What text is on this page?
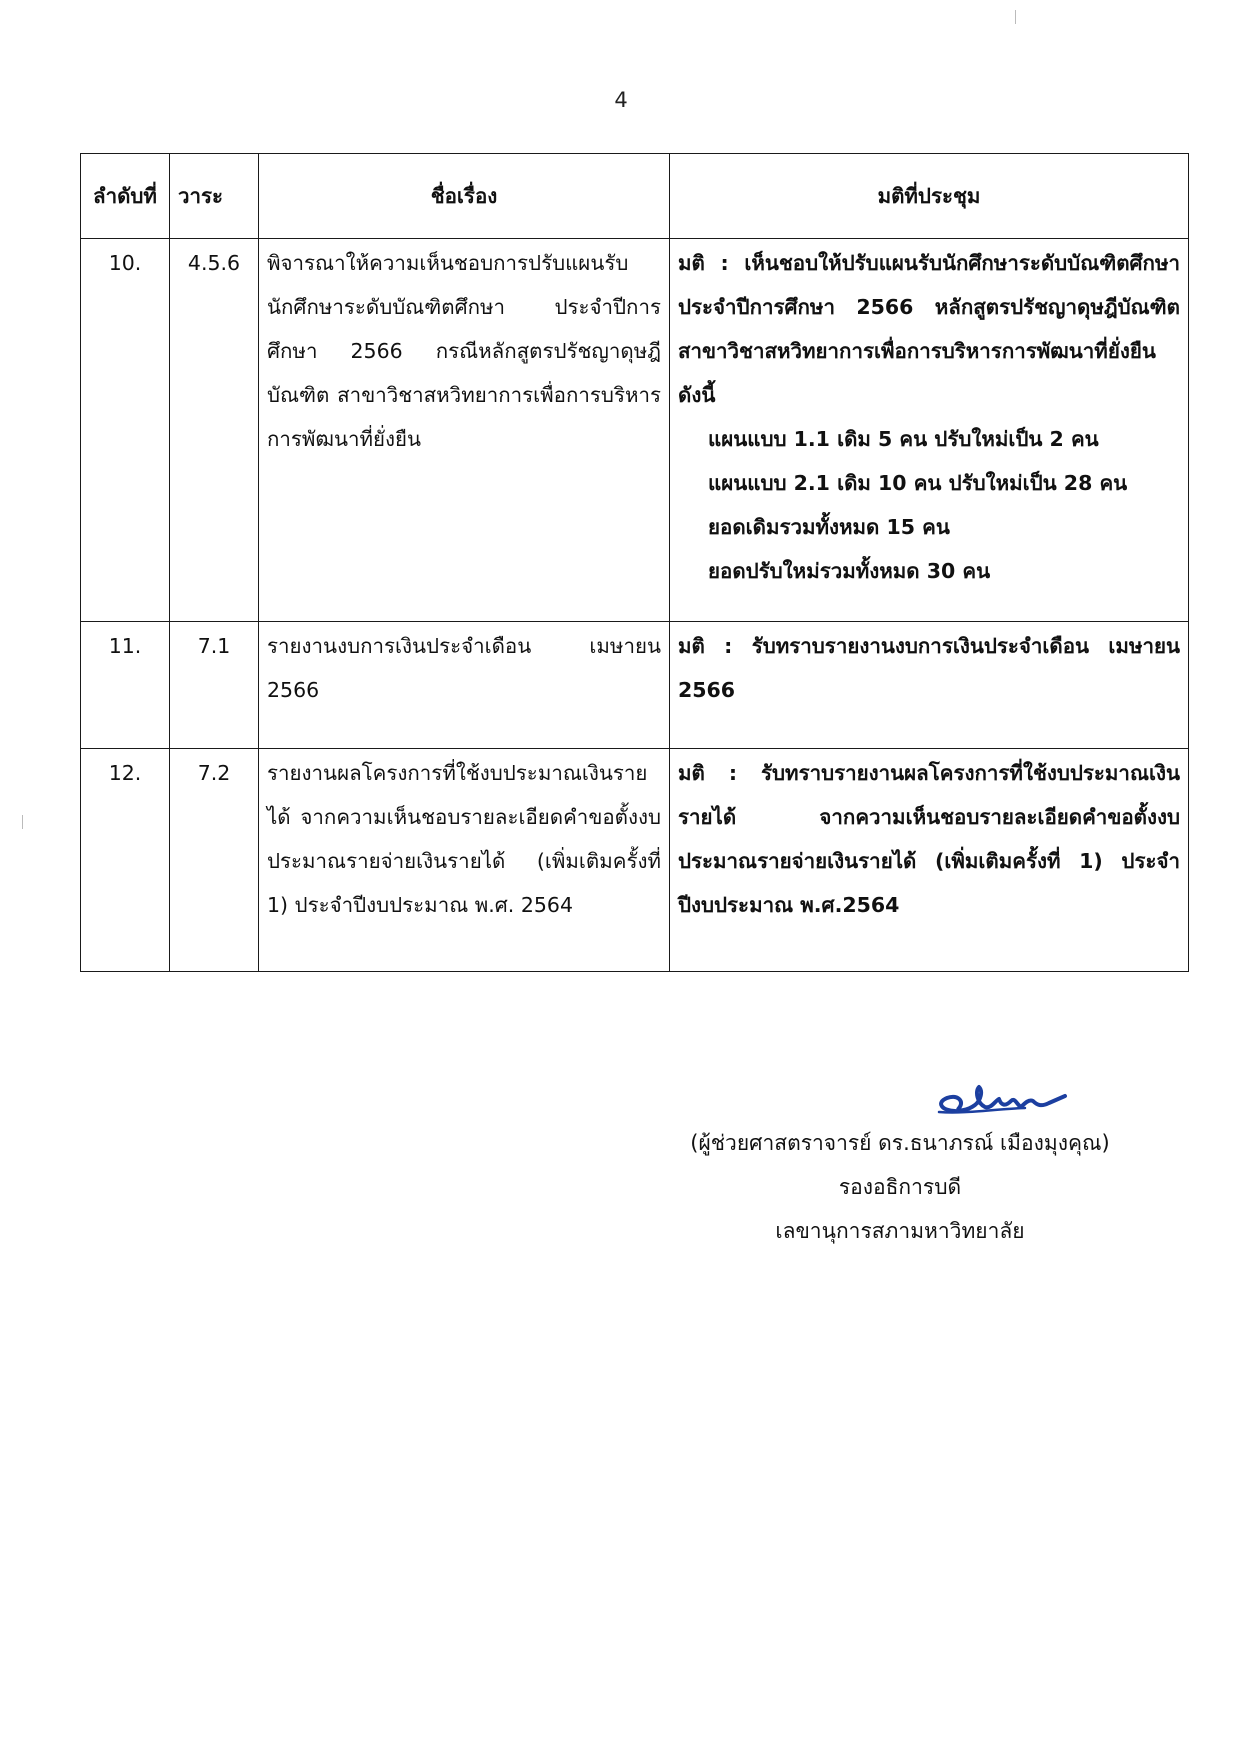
4
ลำดับที่	วาระ	ชื่อเรื่อง	มติที่ประชุม
10.	4.5.6	พิจารณาให้ความเห็นชอบการปรับแผนรับนักศึกษาระดับบัณฑิตศึกษา ประจำปีการศึกษา 2566 กรณีหลักสูตรปรัชญาดุษฎีบัณฑิต สาขาวิชาสหวิทยาการเพื่อการบริหารการพัฒนาที่ยั่งยืน	มติ : เห็นชอบให้ปรับแผนรับนักศึกษาระดับบัณฑิตศึกษา ประจำปีการศึกษา 2566 หลักสูตรปรัชญาดุษฎีบัณฑิต สาขาวิชาสหวิทยาการเพื่อการบริหารการพัฒนาที่ยั่งยืน ดังนี้
แผนแบบ 1.1 เดิม 5 คน ปรับใหม่เป็น 2 คน
แผนแบบ 2.1 เดิม 10 คน ปรับใหม่เป็น 28 คน
ยอดเดิมรวมทั้งหมด 15 คน
ยอดปรับใหม่รวมทั้งหมด 30 คน

11.	7.1	รายงานงบการเงินประจำเดือน เมษายน 2566	มติ : รับทราบรายงานงบการเงินประจำเดือน เมษายน 2566
12.	7.2	รายงานผลโครงการที่ใช้งบประมาณเงินรายได้ จากความเห็นชอบรายละเอียดคำขอตั้งงบประมาณรายจ่ายเงินรายได้ (เพิ่มเติมครั้งที่ 1) ประจำปีงบประมาณ พ.ศ. 2564	มติ : รับทราบรายงานผลโครงการที่ใช้งบประมาณเงินรายได้ จากความเห็นชอบรายละเอียดคำขอตั้งงบประมาณรายจ่ายเงินรายได้ (เพิ่มเติมครั้งที่ 1) ประจำปีงบประมาณ พ.ศ.2564
(ผู้ช่วยศาสตราจารย์ ดร.ธนาภรณ์ เมืองมุงคุณ)
รองอธิการบดี
เลขานุการสภามหาวิทยาลัย
